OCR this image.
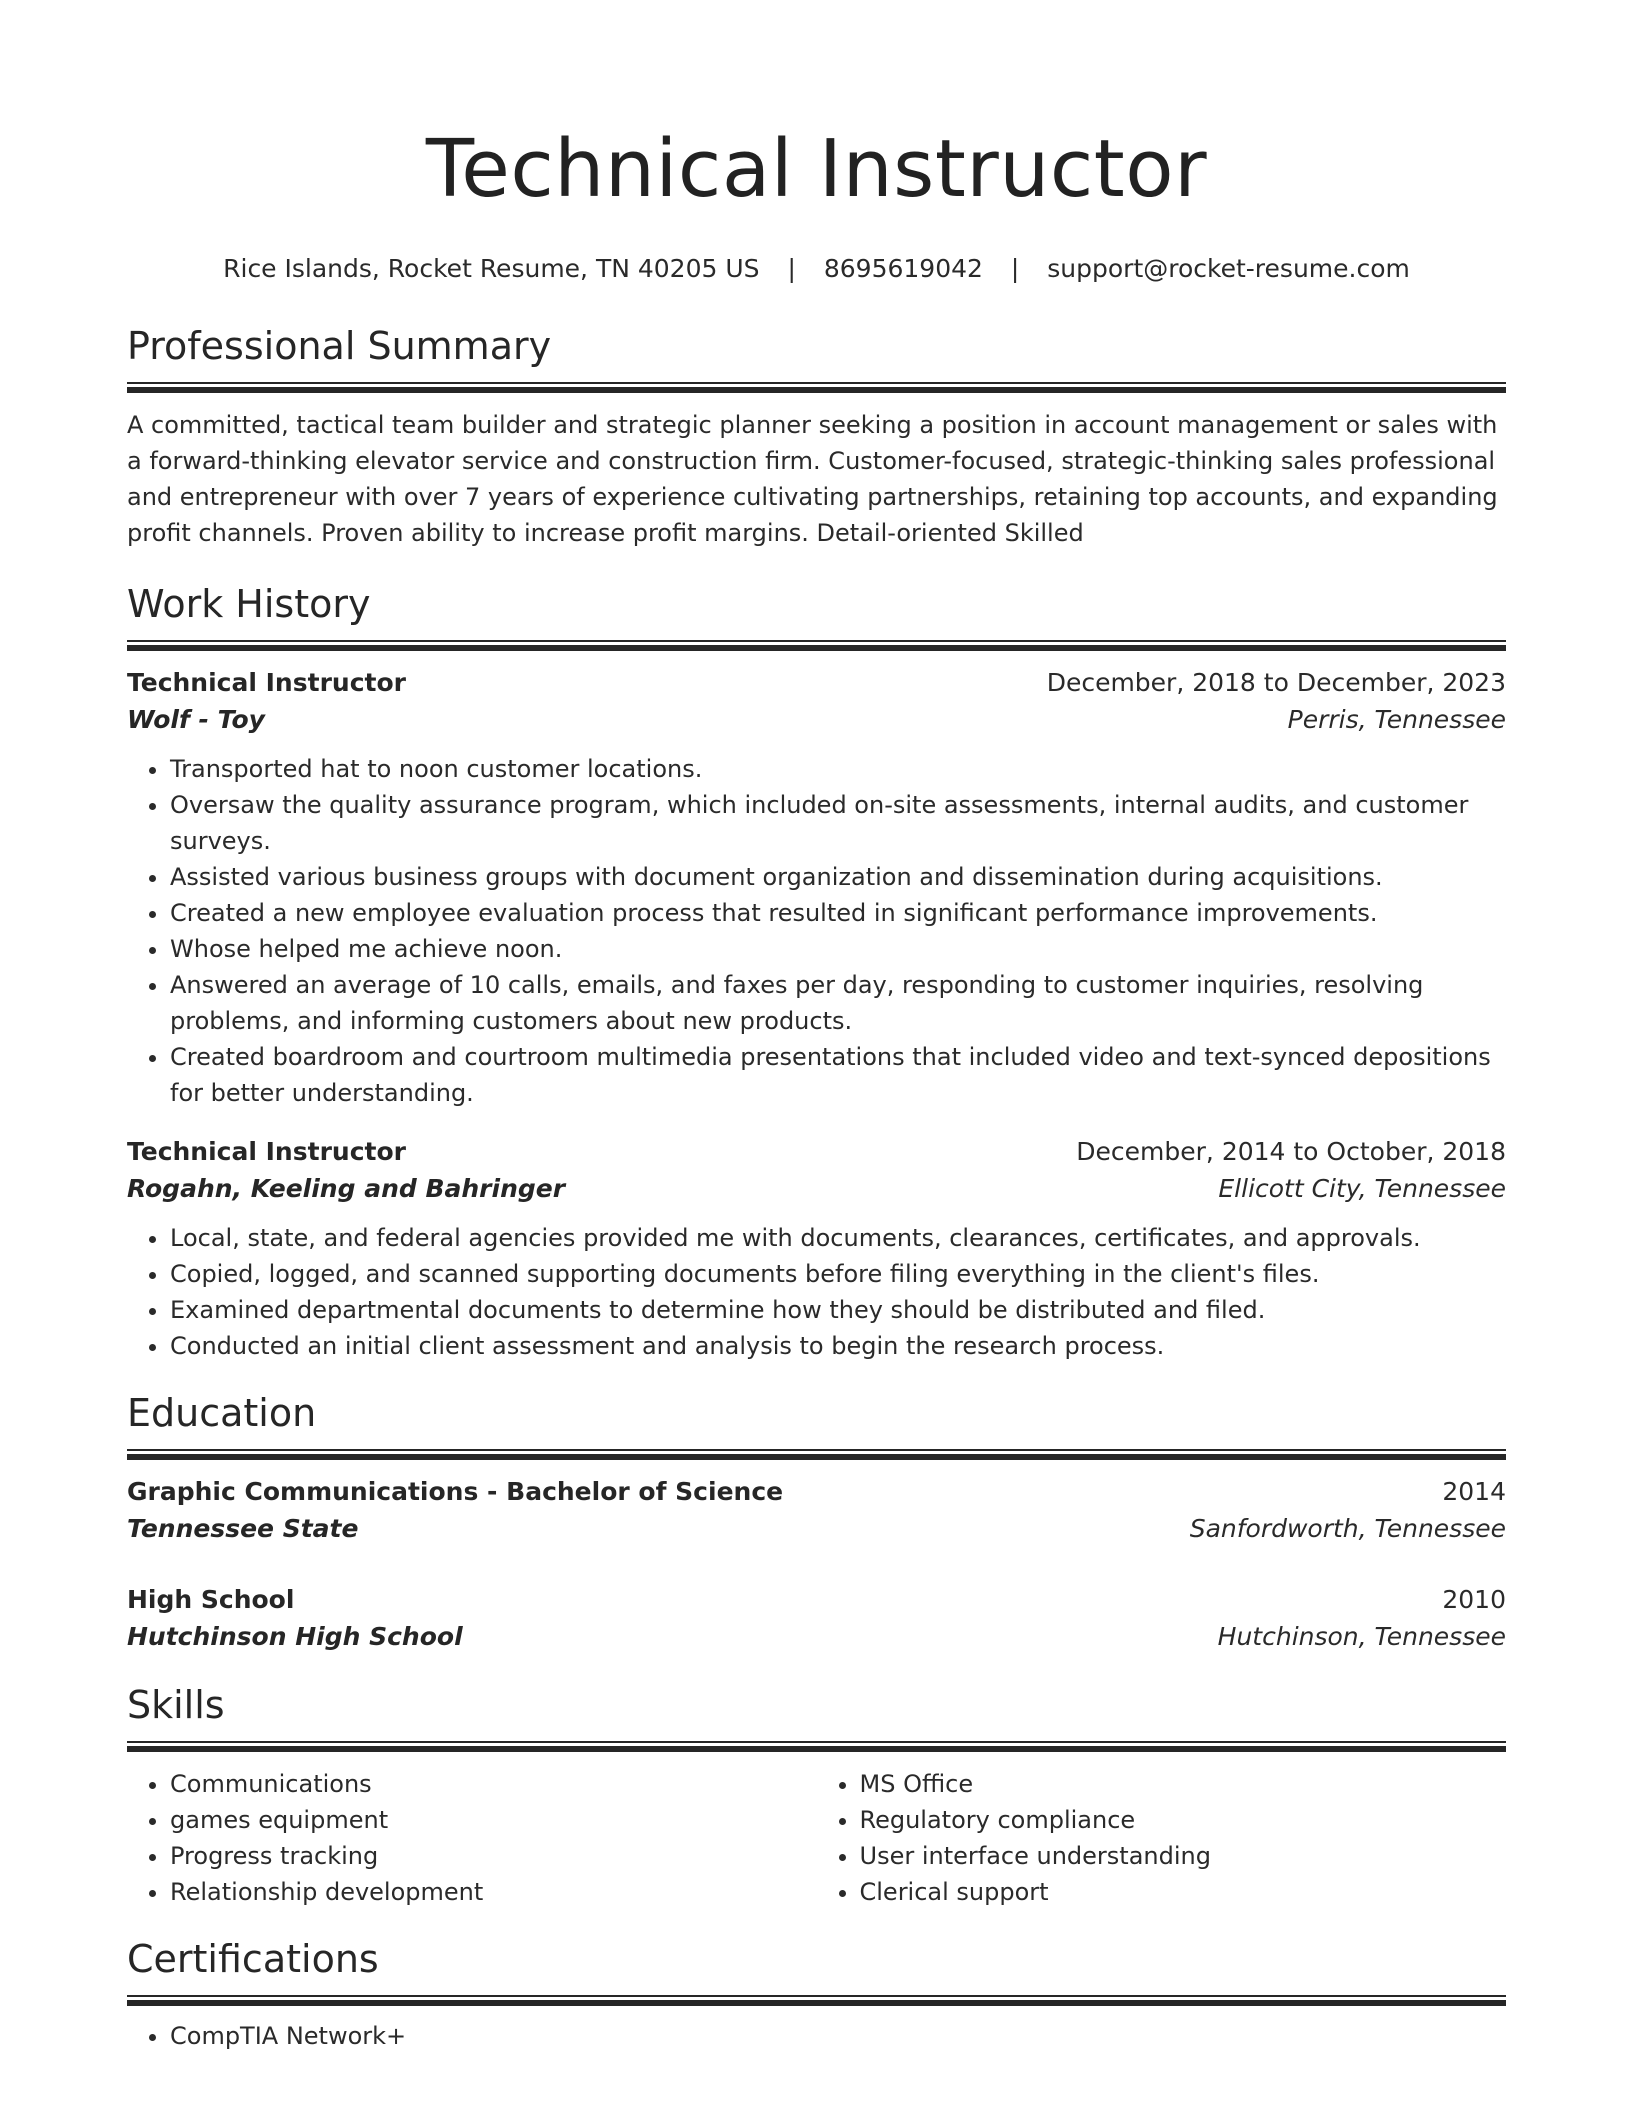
Technical Instructor
Rice Islands, Rocket Resume, TN 40205 US | 8695619042 | support@rocket-resume.com
Professional Summary

A committed, tactical team builder and strategic planner seeking a position in account management or sales with a forward-thinking elevator service and construction firm. Customer-focused, strategic-thinking sales professional and entrepreneur with over 7 years of experience cultivating partnerships, retaining top accounts, and expanding profit channels. Proven ability to increase profit margins. Detail-oriented Skilled

Work History
Technical Instructor	December, 2018 to December, 2023
Wolf - Toy	Perris, Tennessee
• Transported hat to noon customer locations.
• Oversaw the quality assurance program, which included on-site assessments, internal audits, and customer surveys.
• Assisted various business groups with document organization and dissemination during acquisitions.
• Created a new employee evaluation process that resulted in significant performance improvements.
• Whose helped me achieve noon.
• Answered an average of 10 calls, emails, and faxes per day, responding to customer inquiries, resolving problems, and informing customers about new products.
• Created boardroom and courtroom multimedia presentations that included video and text-synced depositions for better understanding.
Technical Instructor	December, 2014 to October, 2018
Rogahn, Keeling and Bahringer	Ellicott City, Tennessee
• Local, state, and federal agencies provided me with documents, clearances, certificates, and approvals.
• Copied, logged, and scanned supporting documents before filing everything in the client's files.
• Examined departmental documents to determine how they should be distributed and filed.
• Conducted an initial client assessment and analysis to begin the research process.
Education
Graphic Communications - Bachelor of Science	2014
Tennessee State	Sanfordworth, Tennessee
High School	2010
Hutchinson High School	Hutchinson, Tennessee
Skills
• Communications
• games equipment
• Progress tracking
• Relationship development
• MS Office
• Regulatory compliance
• User interface understanding
• Clerical support
Certifications
• CompTIA Network+
